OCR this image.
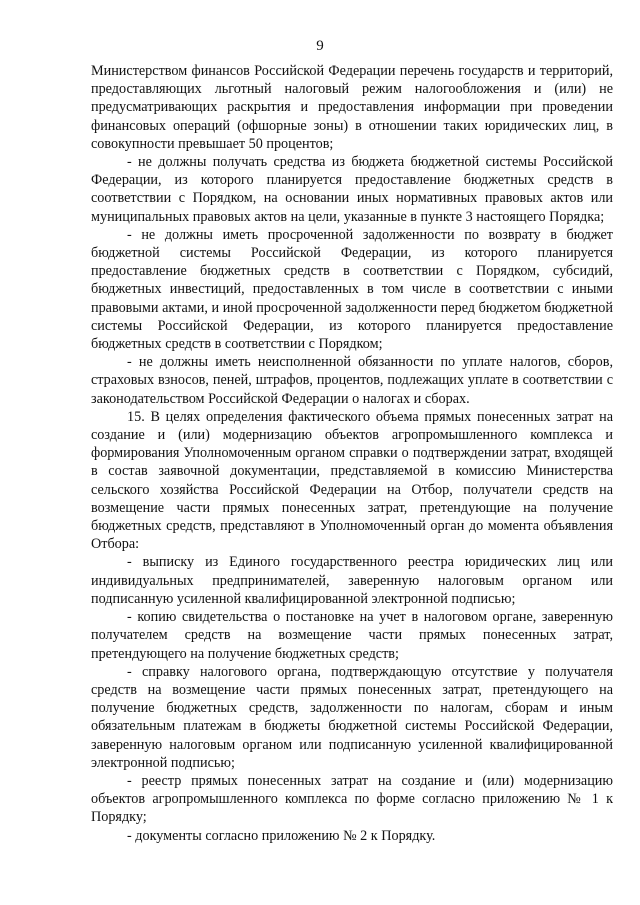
9

Министерством финансов Российской Федерации перечень государств и территорий, предоставляющих льготный налоговый режим налогообложения и (или) не предусматривающих раскрытия и предоставления информации при проведении финансовых операций (офшорные зоны) в отношении таких юридических лиц, в совокупности превышает 50 процентов;

- не должны получать средства из бюджета бюджетной системы Российской Федерации, из которого планируется предоставление бюджетных средств в соответствии с Порядком, на основании иных нормативных правовых актов или муниципальных правовых актов на цели, указанные в пункте 3 настоящего Порядка;

- не должны иметь просроченной задолженности по возврату в бюджет бюджетной системы Российской Федерации, из которого планируется предоставление бюджетных средств в соответствии с Порядком, субсидий, бюджетных инвестиций, предоставленных в том числе в соответствии с иными правовыми актами, и иной просроченной задолженности перед бюджетом бюджетной системы Российской Федерации, из которого планируется предоставление бюджетных средств в соответствии с Порядком;

- не должны иметь неисполненной обязанности по уплате налогов, сборов, страховых взносов, пеней, штрафов, процентов, подлежащих уплате в соответствии с законодательством Российской Федерации о налогах и сборах.

15. В целях определения фактического объема прямых понесенных затрат на создание и (или) модернизацию объектов агропромышленного комплекса и формирования Уполномоченным органом справки о подтверждении затрат, входящей в состав заявочной документации, представляемой в комиссию Министерства сельского хозяйства Российской Федерации на Отбор, получатели средств на возмещение части прямых понесенных затрат, претендующие на получение бюджетных средств, представляют в Уполномоченный орган до момента объявления Отбора:

- выписку из Единого государственного реестра юридических лиц или индивидуальных предпринимателей, заверенную налоговым органом или подписанную усиленной квалифицированной электронной подписью;

- копию свидетельства о постановке на учет в налоговом органе, заверенную получателем средств на возмещение части прямых понесенных затрат, претендующего на получение бюджетных средств;

- справку налогового органа, подтверждающую отсутствие у получателя средств на возмещение части прямых понесенных затрат, претендующего на получение бюджетных средств, задолженности по налогам, сборам и иным обязательным платежам в бюджеты бюджетной системы Российской Федерации, заверенную налоговым органом или подписанную усиленной квалифицированной электронной подписью;

- реестр прямых понесенных затрат на создание и (или) модернизацию объектов агропромышленного комплекса по форме согласно приложению № 1 к Порядку;

- документы согласно приложению № 2 к Порядку.
